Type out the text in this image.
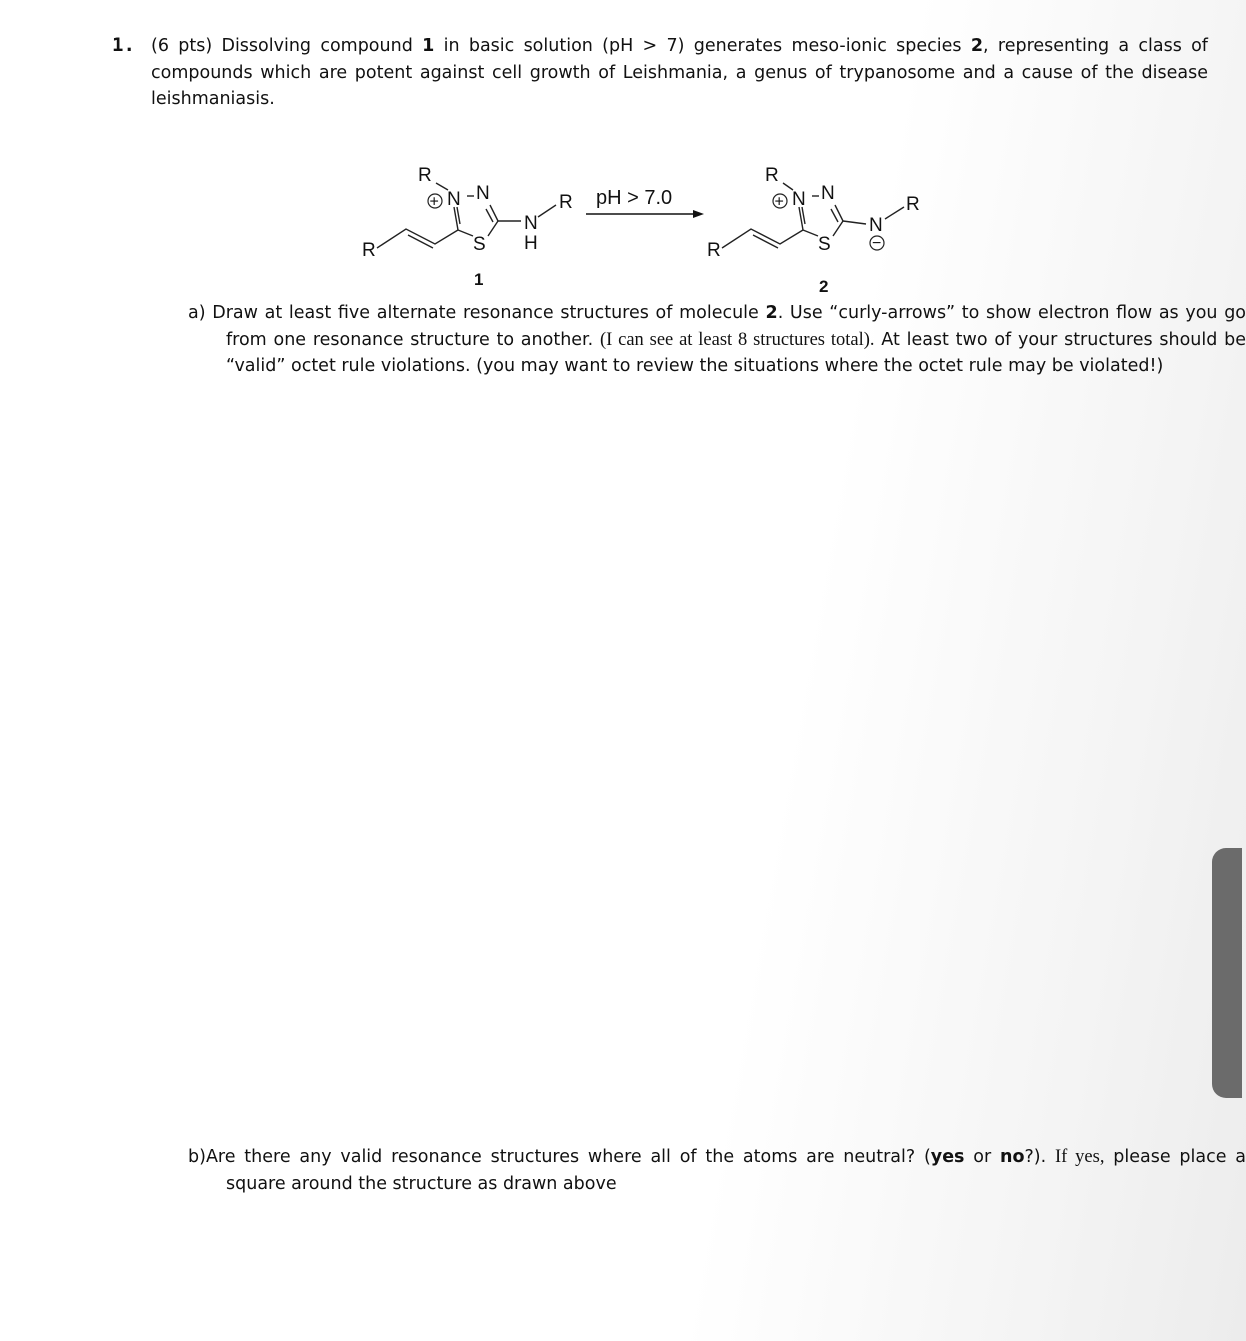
1. (6 pts) Dissolving compound 1 in basic solution (pH > 7) generates meso-ionic species 2, representing a class of compounds which are potent against cell growth of Leishmania, a genus of trypanosome and a cause of the disease leishmaniasis.
R
N N
S
+
R
N
H
R
1
pH > 7.0
R
N N
S
+
R
N
−
R
2
a) Draw at least five alternate resonance structures of molecule 2. Use “curly-arrows” to show electron flow as you go from one resonance structure to another. (I can see at least 8 structures total). At least two of your structures should be “valid” octet rule violations. (you may want to review the situations where the octet rule may be violated!)
b)Are there any valid resonance structures where all of the atoms are neutral? (yes or no?). If yes, please place a square around the structure as drawn above
